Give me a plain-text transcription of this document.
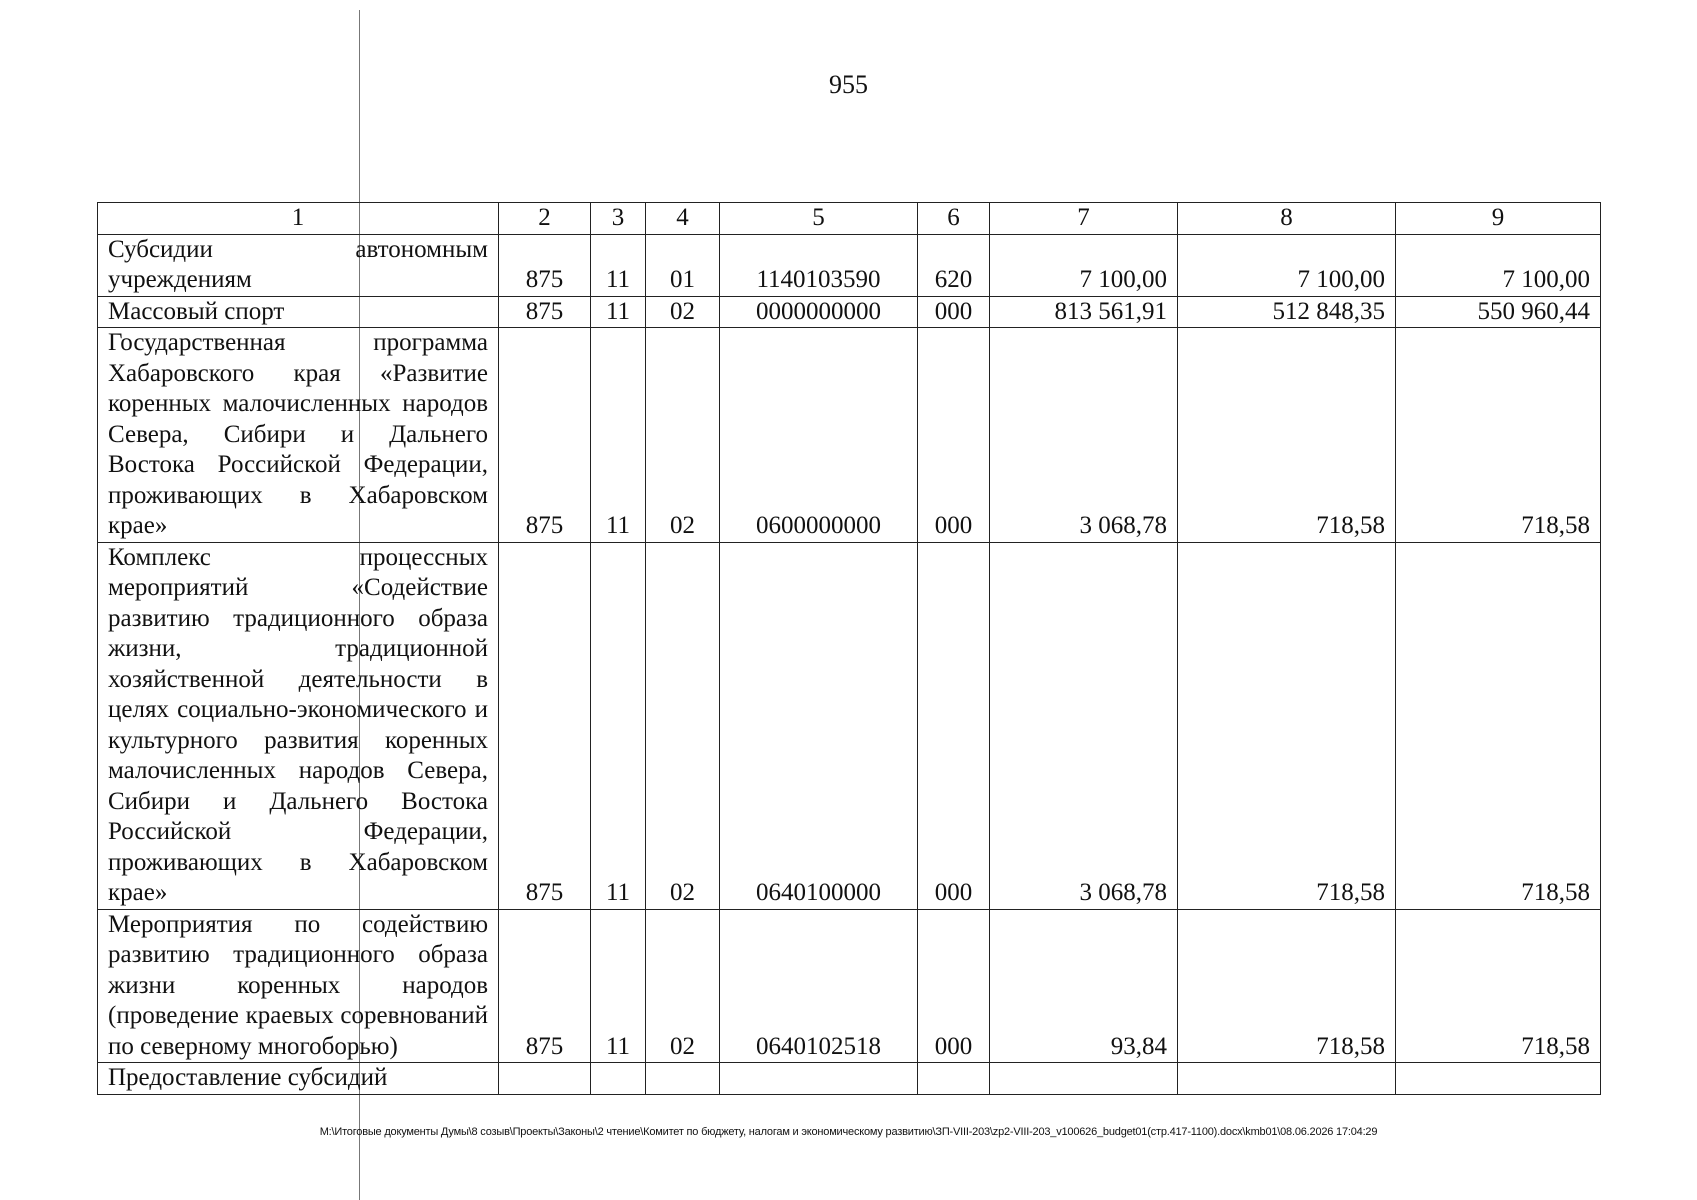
955
1	2	3	4	5	6	7	8	9
Субсидии автономным учреждениям	875	11	01	1140103590	620	7 100,00	7 100,00	7 100,00
Массовый спорт	875	11	02	0000000000	000	813 561,91	512 848,35	550 960,44
Государственная программа Хабаровского края «Развитие коренных малочисленных народов Севера, Сибири и Дальнего Востока Российской Федерации, проживающих в Хабаровском крае»	875	11	02	0600000000	000	3 068,78	718,58	718,58
Комплекс процессных мероприятий «Содействие развитию традиционного образа жизни, традиционной хозяйственной деятельности в целях социально-экономического и культурного развития коренных малочисленных народов Севера, Сибири и Дальнего Востока Российской Федерации, проживающих в Хабаровском крае»	875	11	02	0640100000	000	3 068,78	718,58	718,58
Мероприятия по содействию развитию традиционного образа жизни коренных народов (проведение краевых соревнований по северному многоборью)	875	11	02	0640102518	000	93,84	718,58	718,58
Предоставление субсидий								
M:\Итоговые документы Думы\8 созыв\Проекты\Законы\2 чтение\Комитет по бюджету, налогам и экономическому развитию\ЗП-VIII-203\zp2-VIII-203_v100626_budget01(стр.417-1100).docx\kmb01\08.06.2026 17:04:29
